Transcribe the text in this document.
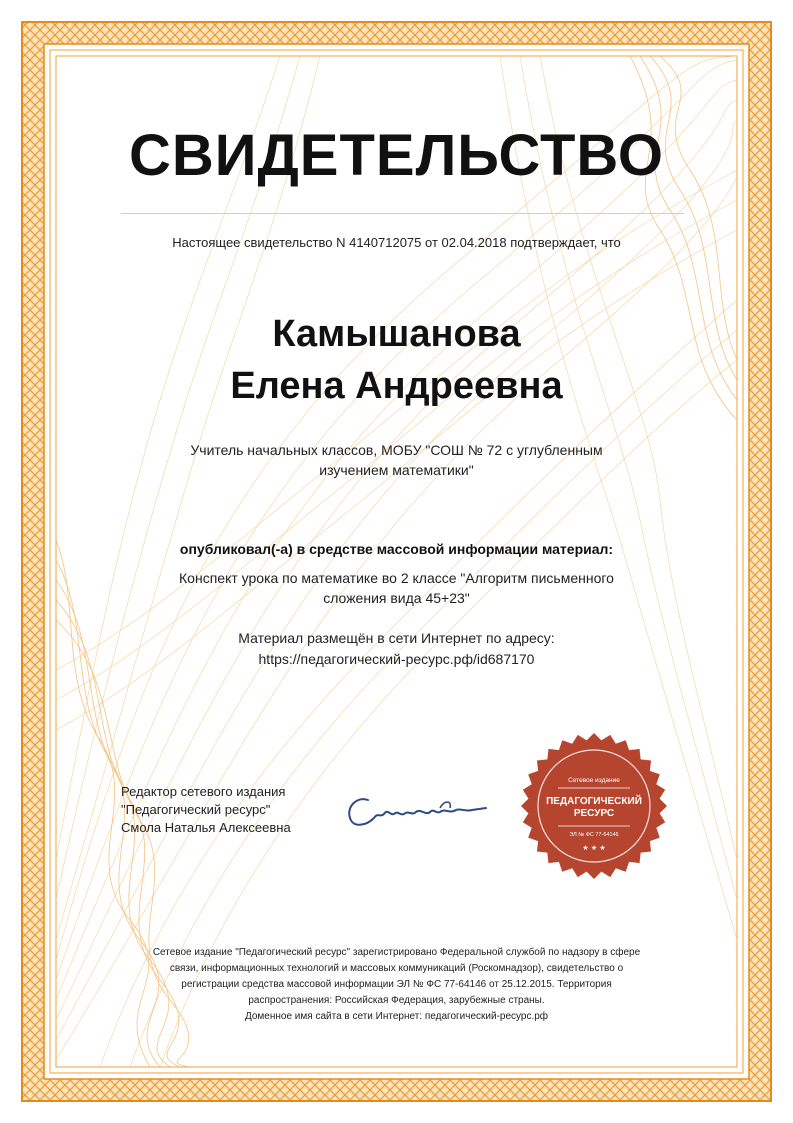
СВИДЕТЕЛЬСТВО
Настоящее свидетельство N 4140712075 от 02.04.2018 подтверждает, что
Камышанова
Елена Андреевна
Учитель начальных классов, МОБУ "СОШ № 72 с углубленным
изучением математики"
опубликовал(-а) в средстве массовой информации материал:
Конспект урока по математике во 2 классе "Алгоритм письменного
сложения вида 45+23"
Материал размещён в сети Интернет по адресу:
https://педагогический-ресурс.рф/id687170
Редактор сетевого издания
"Педагогический ресурс"
Смола Наталья Алексеевна
Сетевое издание
ПЕДАГОГИЧЕСКИЙ
РЕСУРС
ЭЛ № ФС 77-64146
★ ★ ★
Сетевое издание "Педагогический ресурс" зарегистрировано Федеральной службой по надзору в сфере
связи, информационных технологий и массовых коммуникаций (Роскомнадзор), свидетельство о
регистрации средства массовой информации ЭЛ № ФС 77-64146 от 25.12.2015. Территория
распространения: Российская Федерация, зарубежные страны.
Доменное имя сайта в сети Интернет: педагогический-ресурс.рф
